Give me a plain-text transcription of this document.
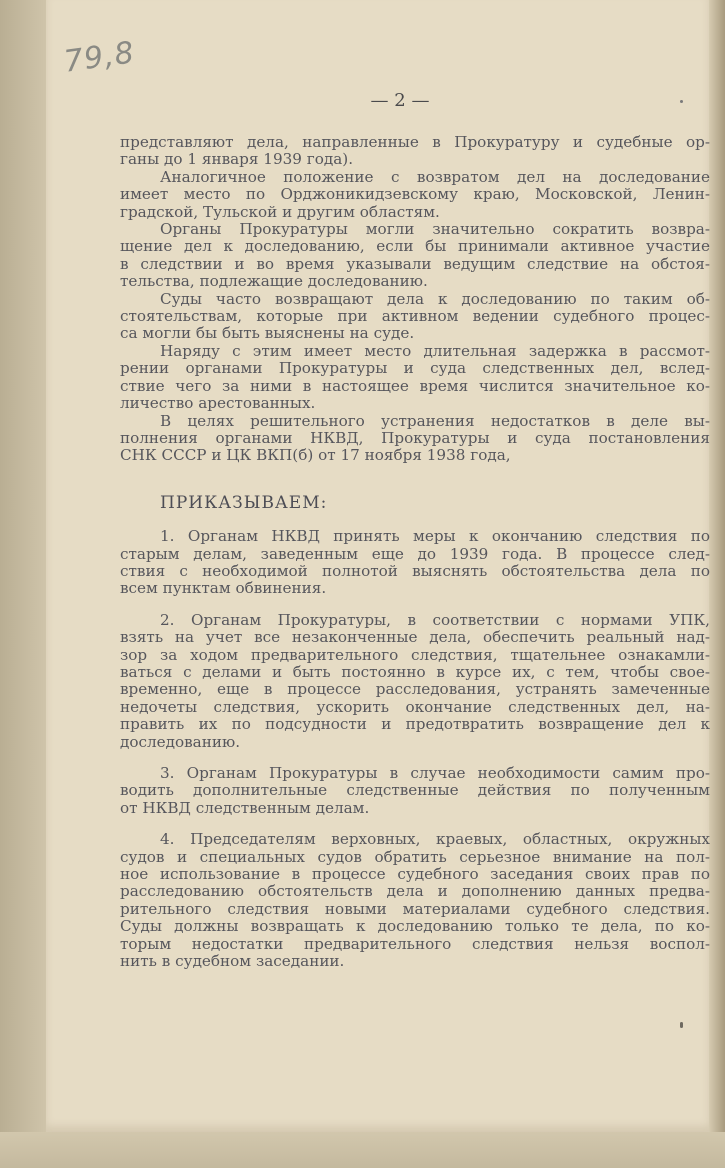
79,8
— 2 —

представляют дела, направленные в Прокуратуру и судебные ор-
ганы до 1 января 1939 года).

Аналогичное положение с возвратом дел на доследование
имеет место по Орджоникидзевскому краю, Московской, Ленин-
градской, Тульской и другим областям.

Органы Прокуратуры могли значительно сократить возвра-
щение дел к доследованию, если бы принимали активное участие
в следствии и во время указывали ведущим следствие на обстоя-
тельства, подлежащие доследованию.

Суды часто возвращают дела к доследованию по таким об-
стоятельствам, которые при активном ведении судебного процес-
са могли бы быть выяснены на суде.

Наряду с этим имеет место длительная задержка в рассмот-
рении органами Прокуратуры и суда следственных дел, вслед-
ствие чего за ними в настоящее время числится значительное ко-
личество арестованных.

В целях решительного устранения недостатков в деле вы-
полнения органами НКВД, Прокуратуры и суда постановления
СНК СССР и ЦК ВКП(б) от 17 ноября 1938 года,

ПРИКАЗЫВАЕМ:

1. Органам НКВД принять меры к окончанию следствия по
старым делам, заведенным еще до 1939 года. В процессе след-
ствия с необходимой полнотой выяснять обстоятельства дела по
всем пунктам обвинения.

2. Органам Прокуратуры, в соответствии с нормами УПК,
взять на учет все незаконченные дела, обеспечить реальный над-
зор за ходом предварительного следствия, тщательнее ознакамли-
ваться с делами и быть постоянно в курсе их, с тем, чтобы свое-
временно, еще в процессе расследования, устранять замеченные
недочеты следствия, ускорить окончание следственных дел, на-
править их по подсудности и предотвратить возвращение дел к
доследованию.

3. Органам Прокуратуры в случае необходимости самим про-
водить дополнительные следственные действия по полученным
от НКВД следственным делам.

4. Председателям верховных, краевых, областных, окружных
судов и специальных судов обратить серьезное внимание на пол-
ное использование в процессе судебного заседания своих прав по
расследованию обстоятельств дела и дополнению данных предва-
рительного следствия новыми материалами судебного следствия.
Суды должны возвращать к доследованию только те дела, по ко-
торым недостатки предварительного следствия нельзя воспол-
нить в судебном заседании.
